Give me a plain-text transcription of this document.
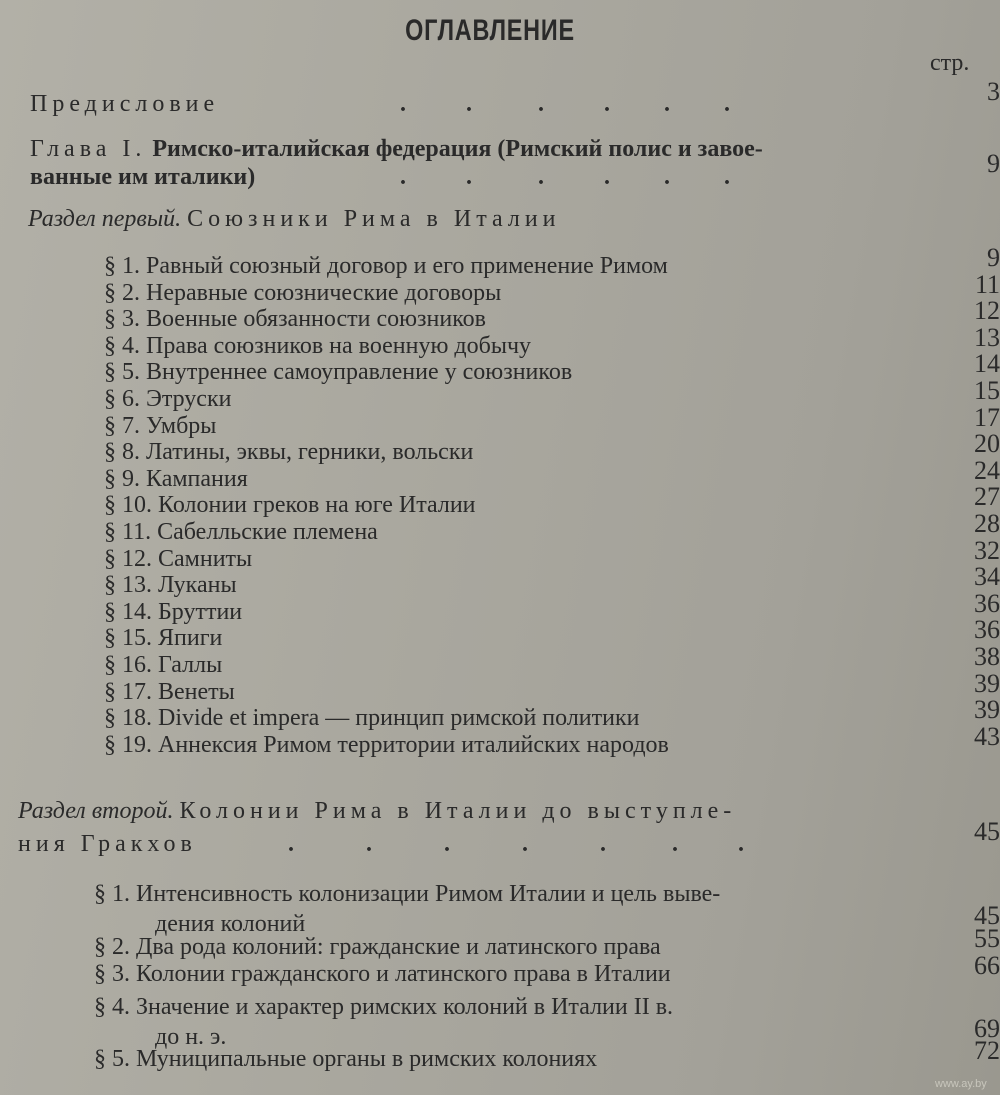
ОГЛАВЛЕНИЕ
стр.
Предисловие	.          .           .          .         .         .	3
Глава I. Римско-италийская федерация (Римский полис и завое-
ванные им италики)	.          .           .          .         .         .	9
Раздел первый. Союзники Рима в Италии
§ 1. Равный союзный договор и его применение Римом	9
§ 2. Неравные союзнические договоры	11
§ 3. Военные обязанности союзников	12
§ 4. Права союзников на военную добычу	13
§ 5. Внутреннее самоуправление у союзников	14
§ 6. Этруски	15
§ 7. Умбры	17
§ 8. Латины, эквы, герники, вольски	20
§ 9. Кампания	24
§ 10. Колонии греков на юге Италии	27
§ 11. Сабелльские племена	28
§ 12. Самниты	32
§ 13. Луканы	34
§ 14. Бруттии	36
§ 15. Япиги	36
§ 16. Галлы	38
§ 17. Венеты	39
§ 18. Divide et impera — принцип римской политики	39
§ 19. Аннексия Римом территории италийских народов	43
Раздел второй. Колонии Рима в Италии до выступле-
ния Гракхов	.            .            .            .            .           .          .	45
§ 1. Интенсивность колонизации Римом Италии и цель выве-
дения колоний	45
§ 2. Два рода колоний: гражданские и латинского права	55
§ 3. Колонии гражданского и латинского права в Италии	66
§ 4. Значение и характер римских колоний в Италии II в.
до н. э.	69
§ 5. Муниципальные органы в римских колониях	72
www.ay.by
